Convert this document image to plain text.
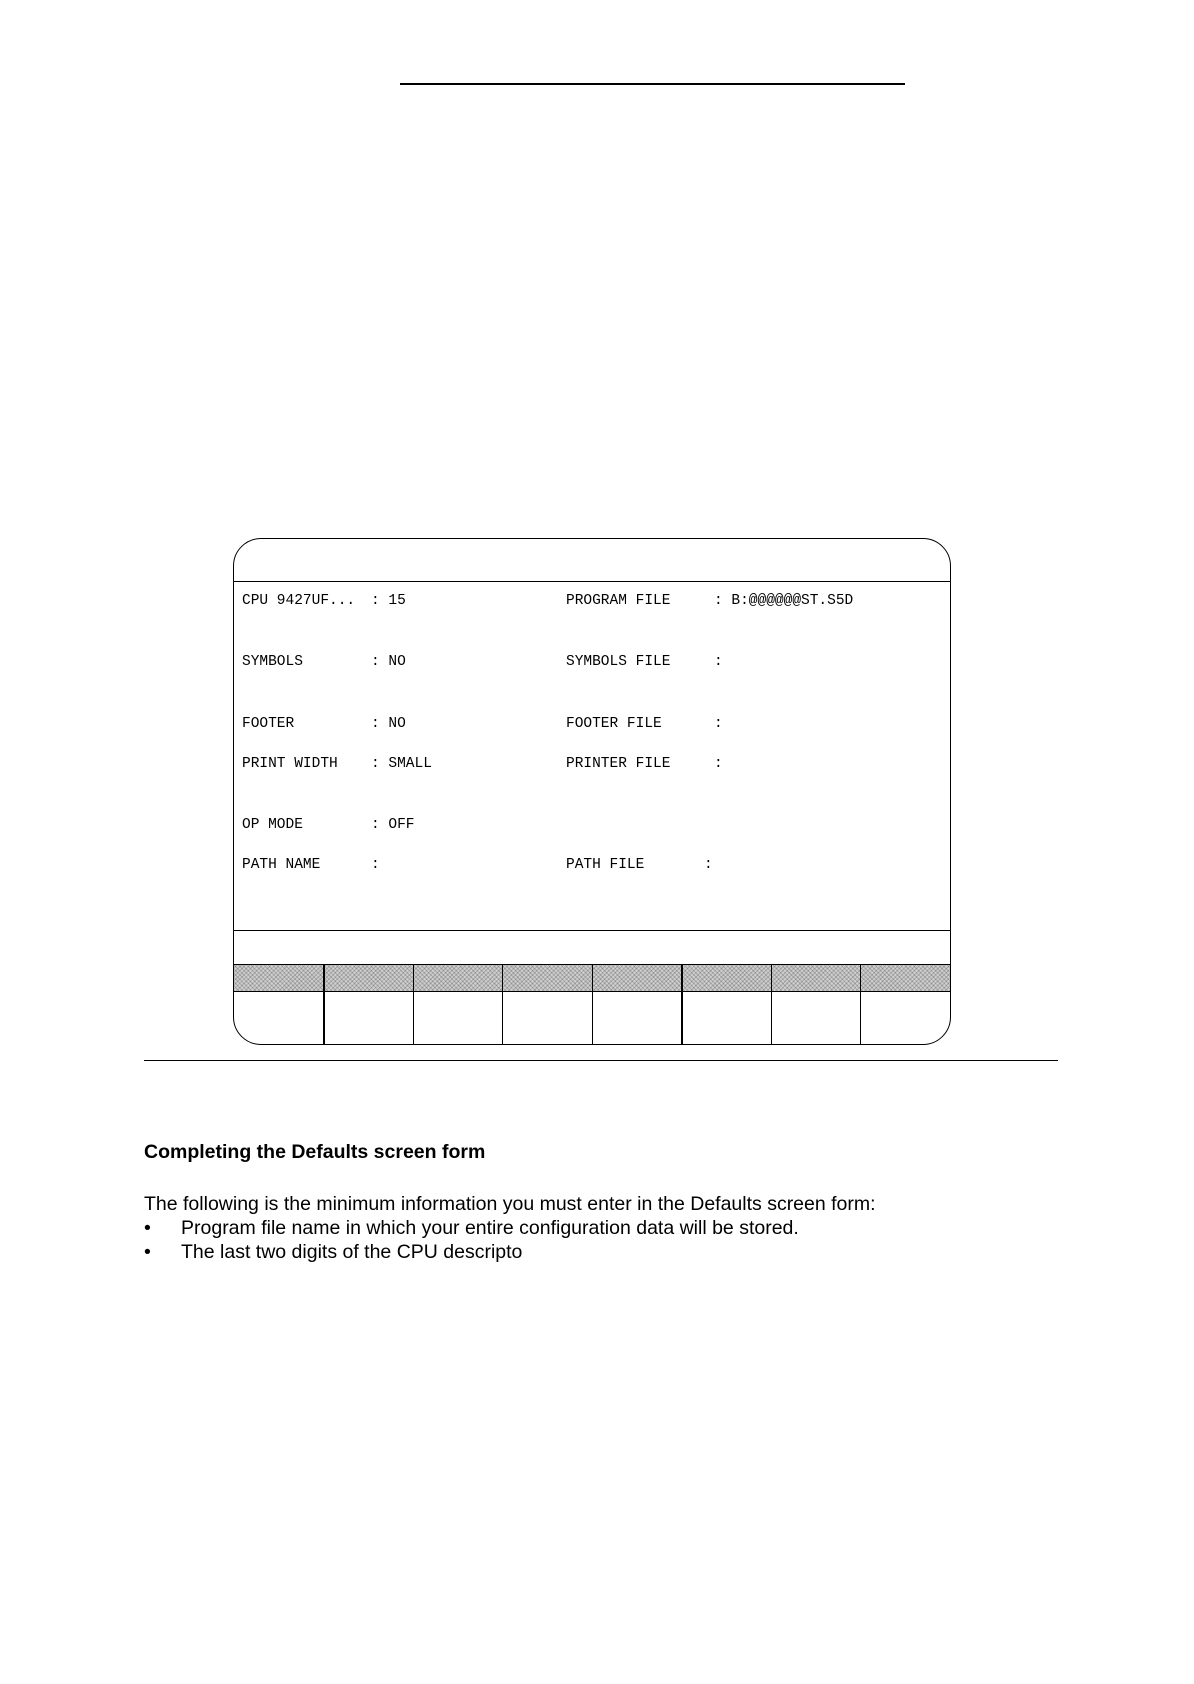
CPU 9427UF... : 15	PROGRAM FILE	: B:@@@@@@ST.S5D
SYMBOLS	: NO	SYMBOLS FILE	:
FOOTER	: NO	FOOTER FILE	:
PRINT WIDTH : SMALL	PRINTER FILE	:
OP MODE	: OFF
PATH NAME	:	PATH FILE	:
Completing the Defaults screen form
The following is the minimum information you must enter in the Defaults screen form:
• Program file name in which your entire configuration data will be stored.
• The last two digits of the CPU descripto
